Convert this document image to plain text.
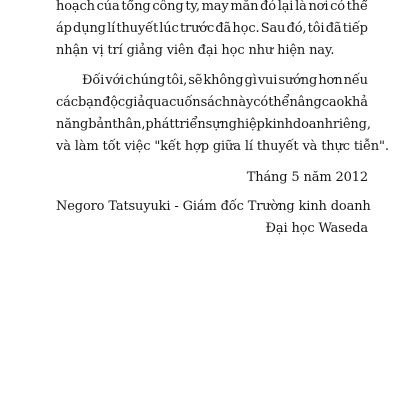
hoạch của tổng công ty, may mắn đó lại là nơi có thể
áp dụng lí thuyết lúc trước đã học. Sau đó, tôi đã tiếp
nhận vị trí giảng viên đại học như hiện nay.
Đối với chúng tôi, sẽ không gì vui sướng hơn nếu
các bạn độc giả qua cuốn sách này có thể nâng cao khả
năng bản thân, phát triển sự nghiệp kinh doanh riêng,
và làm tốt việc "kết hợp giữa lí thuyết và thực tiễn".
Tháng 5 năm 2012
Negoro Tatsuyuki - Giám đốc Trường kinh doanh
Đại học Waseda
